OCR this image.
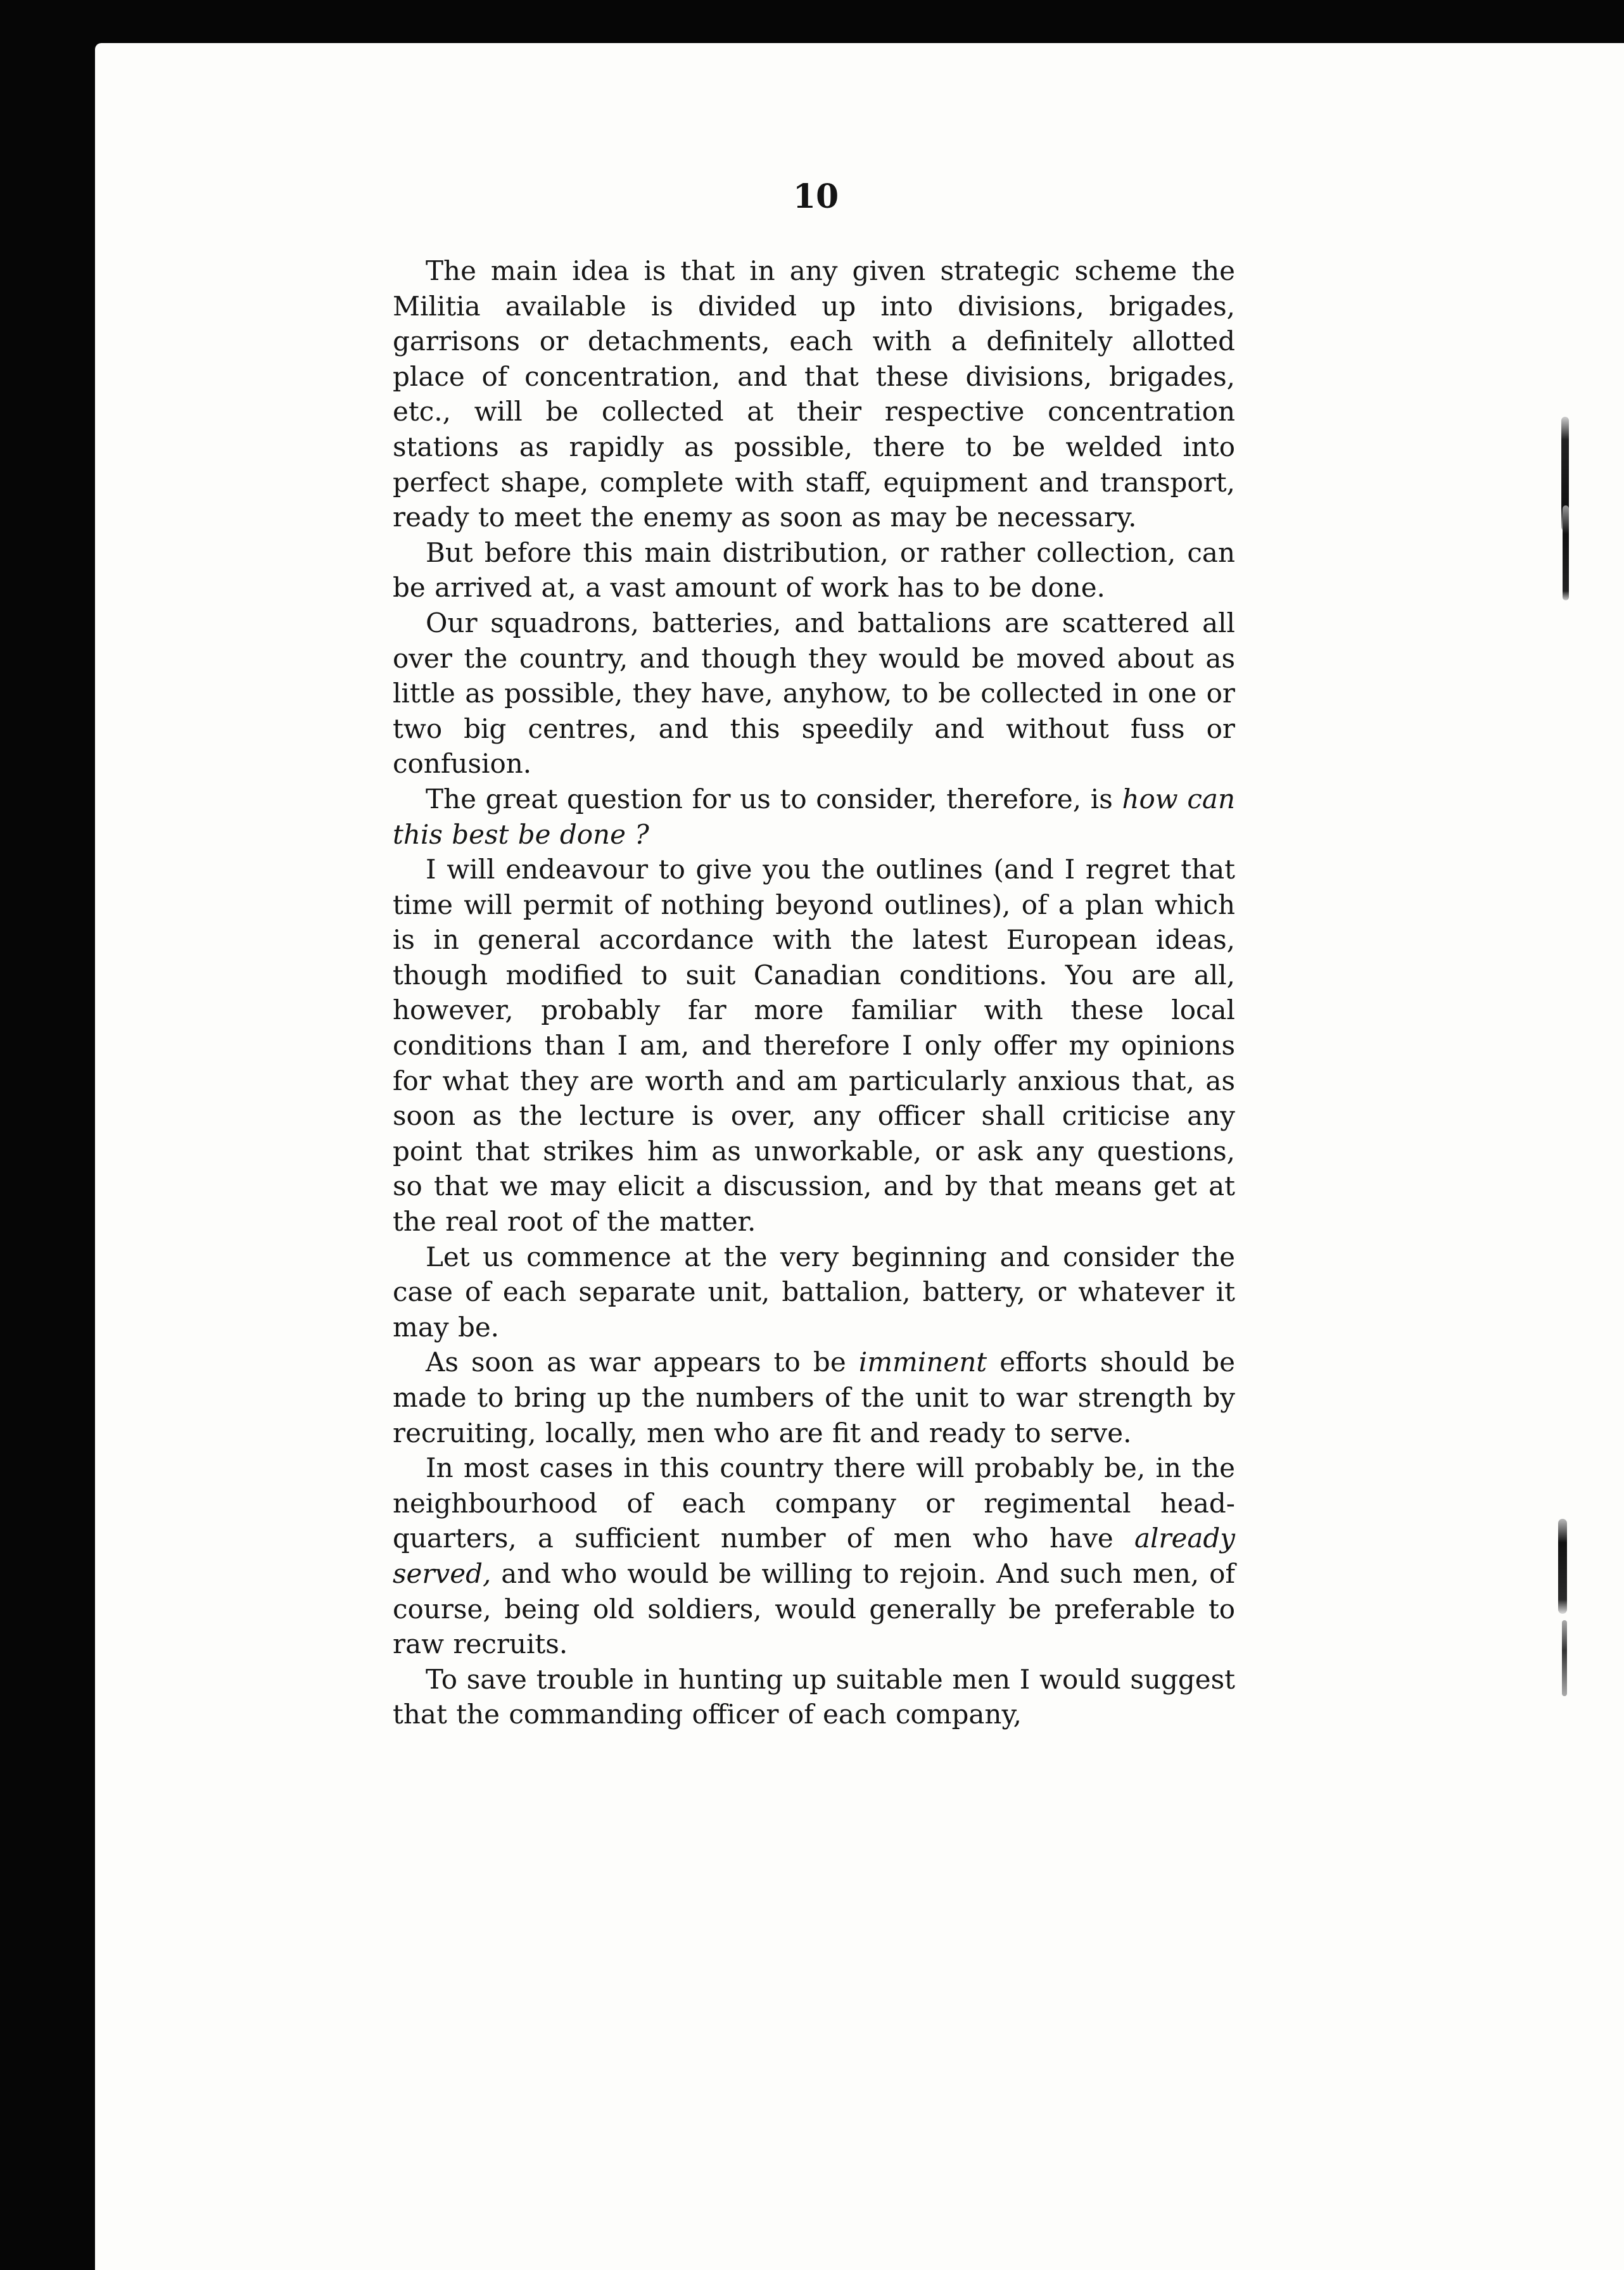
10

The main idea is that in any given strategic scheme the Militia available is divided up into divisions, brigades, garrisons or detachments, each with a definitely allotted place of concentration, and that these divisions, brigades, etc., will be collected at their respective concentration stations as rapidly as possible, there to be welded into perfect shape, complete with staff, equipment and transport, ready to meet the enemy as soon as may be necessary.

But before this main distribution, or rather collection, can be arrived at, a vast amount of work has to be done.

Our squadrons, batteries, and battalions are scattered all over the country, and though they would be moved about as little as possible, they have, anyhow, to be collected in one or two big centres, and this speedily and without fuss or confusion.

The great question for us to consider, therefore, is how can this best be done ?

I will endeavour to give you the outlines (and I regret that time will permit of nothing beyond outlines), of a plan which is in general accordance with the latest European ideas, though modified to suit Canadian conditions. You are all, however, probably far more familiar with these local conditions than I am, and therefore I only offer my opinions for what they are worth and am particularly anxious that, as soon as the lecture is over, any officer shall criticise any point that strikes him as unworkable, or ask any questions, so that we may elicit a discussion, and by that means get at the real root of the matter.

Let us commence at the very beginning and consider the case of each separate unit, battalion, battery, or whatever it may be.

As soon as war appears to be imminent efforts should be made to bring up the numbers of the unit to war strength by recruiting, locally, men who are fit and ready to serve.

In most cases in this country there will probably be, in the neighbourhood of each company or regimental head-quarters, a sufficient number of men who have already served, and who would be willing to rejoin. And such men, of course, being old soldiers, would generally be preferable to raw recruits.

To save trouble in hunting up suitable men I would suggest that the commanding officer of each company,
